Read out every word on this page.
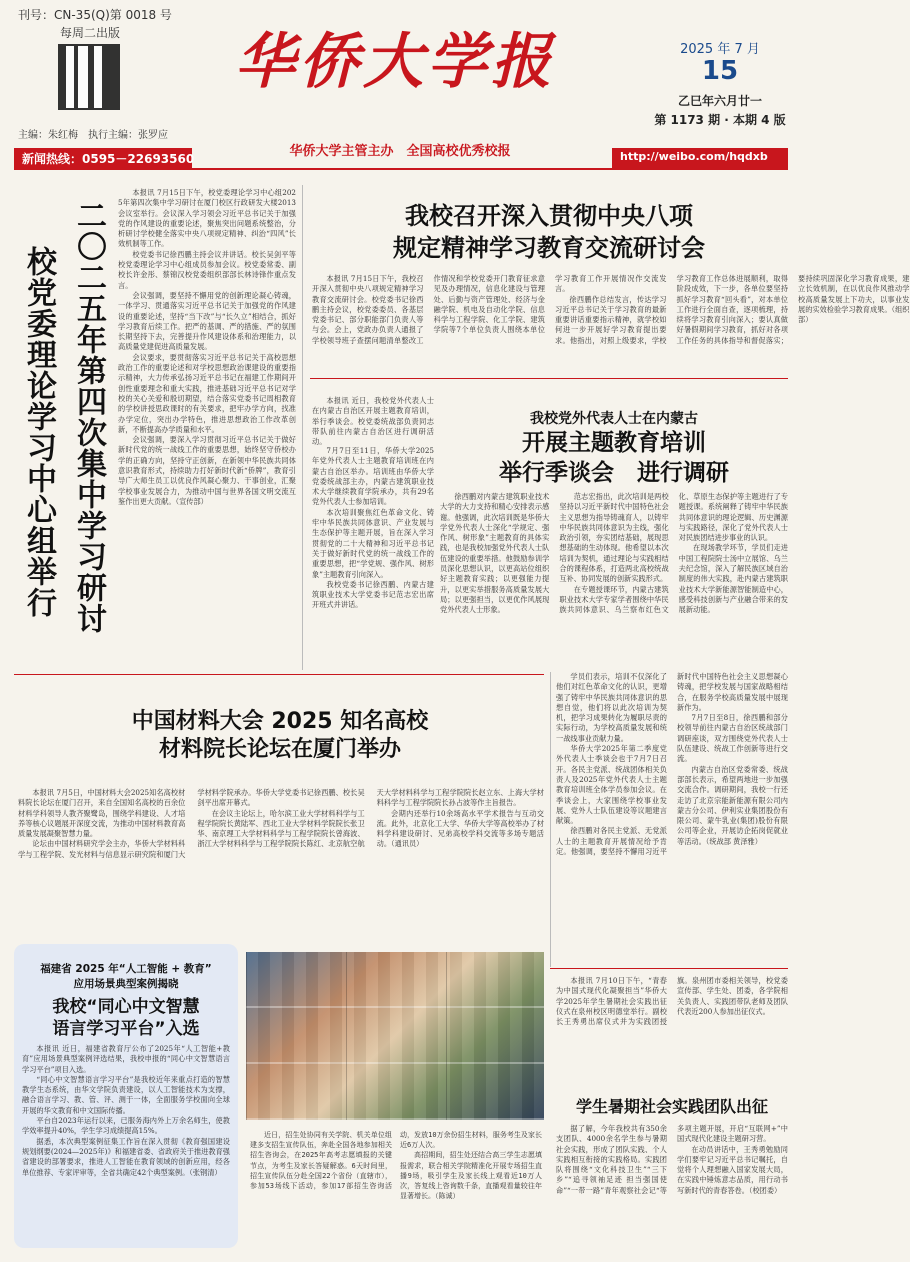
刊号：CN-35(Q)第 0018 号
每周二出版
主编：朱红梅　执行主编：张罗应
华侨大学报
华侨大学主管主办　全国高校优秀校报
2025 年 7 月
15
乙巳年六月廿一
第 1173 期 · 本期 4 版
新闻热线：0595－22693560	http://weibo.com/hqdxb
二〇二五年第四次集中学习研讨
校党委理论学习中心组举行

本报讯 7月15日下午，校党委理论学习中心组2025年第四次集中学习研讨在厦门校区行政研发大楼2013会议室举行。会议深入学习领会习近平总书记关于加强党的作风建设的重要论述，聚焦突出问题系统整治，分析研讨学校健全落实中央八项规定精神、纠治“四风”长效机制等工作。

校党委书记徐西鹏主持会议并讲话。校长吴剑平等校党委理论学习中心组成员参加会议。校党委常委、副校长许金彤、蔡锦汉校党委组织部部长林诗锋作重点发言。

会议强调，要坚持不懈用党的创新理论凝心铸魂，一体学习、贯通落实习近平总书记关于加强党的作风建设的重要论述，坚持“当下改”与“长久立”相结合，抓好学习教育后续工作。把严的基调、严的措施、严的氛围长期坚持下去，完善提升作风建设体系和治理能力，以高质量党建促进高质量发展。

会议要求，要贯彻落实习近平总书记关于高校思想政治工作的重要论述和对学校思想政治课建设的重要指示精神，大力传承弘扬习近平总书记在福建工作期间开创性重要理念和重大实践，推进基础习近平总书记对学校的关心关爱和殷切期望，结合落实党委书记周相教育的学校讲授思政课时的有关要求，把牢办学方向，找准办学定位，突出办学特色，推进思想政治工作改革创新，不断提高办学质量和水平。

会议强调，要深入学习贯彻习近平总书记关于做好新时代党的统一战线工作的重要思想，始终坚守侨校办学的正确方向，坚持守正创新，在新领中华民族共同体意识教育形式，持续助力打好新时代新“侨牌”，教育引导广大师生员工以优良作风凝心聚力、干事创业，汇聚学校事业发展合力，为推动中国与世界各国文明交流互鉴作出更大贡献。（宣传部）

我校召开深入贯彻中央八项
规定精神学习教育交流研讨会

本报讯 7月15日下午，我校召开深入贯彻中央八项规定精神学习教育交流研讨会。校党委书记徐西鹏主持会议，校党委委员、各基层党委书记、部分职能部门负责人等与会。会上，党政办负责人通报了学校领导班子查摆问题清单整改工作情况和学校党委开门教育征求意见及办理情况，信息化建设与管理处、后勤与资产管理处、经济与金融学院、机电及自动化学院、信息科学与工程学院、化工学院、建筑学院等7个单位负责人围绕本单位学习教育工作开展情况作交流发言。

徐西鹏作总结发言，传达学习习近平总书记关于学习教育的最新重要讲话重要指示精神，就学校如何进一步开展好学习教育提出要求。他指出，对照上级要求，学校学习教育工作总体进展顺利，取得阶段成效，下一步，各单位要坚持抓好学习教育“回头看”，对本单位工作进行全面自查，逐项梳理，持续将学习教育引向深入；要认真做好暑假期间学习教育，抓好对各项工作任务的具体指导和督促落实；要持续巩固深化学习教育成果，建立长效机制，在以优良作风推动学校高质量发展上下功夫，以事业发展的实效检验学习教育成果。（组织部）

本报讯 近日，我校党外代表人士在内蒙古自治区开展主题教育培训，举行季谈会。校党委统战部负责同志带队前往内蒙古自治区进行调研活动。

我校党外代表人士在内蒙古
开展主题教育培训
举行季谈会　进行调研

7月7日至11日，华侨大学2025年党外代表人士主题教育培训班在内蒙古自治区举办。培训班由华侨大学党委统战部主办，内蒙古建筑职业技术大学继续教育学院承办，共有29名党外代表人士参加培训。

本次培训聚焦红色革命文化、铸牢中华民族共同体意识、产业发展与生态保护等主题开展，旨在深入学习贯彻党的二十大精神和习近平总书记关于做好新时代党的统一战线工作的重要思想，把“学党规、强作风、树形象”主题教育引向深入。

我校党委书记徐西鹏、内蒙古建筑职业技术大学党委书记范志宏出席开班式并讲话。

徐西鹏对内蒙古建筑职业技术大学的大力支持和精心安排表示感谢。他强调，此次培训既是华侨大学党外代表人士深化“学规定、强作风、树形象”主题教育的具体实践，也是我校加强党外代表人士队伍建设的重要举措。他鼓励参训学员深化思想认识，以更高站位组织好主题教育实践；以更强能力提升，以更实举措服务高质量发展大局；以更强担当，以更优作风展现党外代表人士形象。

范志宏指出，此次培训是两校坚持以习近平新时代中国特色社会主义思想为指导铸魂育人，以铸牢中华民族共同体意识为主线，强化政治引领，夯实团结基础，展现思想基础的生动体现。他希望以本次培训为契机，通过理论与实践相结合的课程体系，打造两北高校统战互补、协同发展的创新实践形式。

在专题授课环节，内蒙古建筑职业技术大学专家学者围绕中华民族共同体意识、乌兰察布红色文化、草原生态保护等主题进行了专题授课。系统阐释了铸牢中华民族共同体意识的理论逻辑、历史渊源与实践路径，深化了党外代表人士对民族团结进步事业的认识。

在现场教学环节，学员们走进中国工程院院士汤中立展馆、乌兰夫纪念馆，深入了解民族区域自治制度的伟大实践，赴内蒙古建筑职业技术大学新能源智能制造中心，感受科技创新与产业融合带来的发展新动能。

学员们表示，培训不仅深化了他们对红色革命文化的认识，更增强了铸牢中华民族共同体意识的思想自觉，他们将以此次培训为契机，把学习成果转化为履职尽责的实际行动，为学校高质量发展和统一战线事业贡献力量。

华侨大学2025年第二季度党外代表人士季谈会也于7月7日召开。各民主党派、统战团体相关负责人及2025年党外代表人士主题教育培训班全体学员参加会议。在季谈会上，大家围绕学校事业发展、党外人士队伍建设等议题建言献策。

徐西鹏对各民主党派、无党派人士的主题教育开展情况给予肯定。他强调，要坚持不懈用习近平新时代中国特色社会主义思想凝心铸魂，把学校发展与国家战略相结合，在服务学校高质量发展中展现新作为。

7月7日至8日，徐西鹏和部分校领导前往内蒙古自治区统战部门调研座谈，双方围绕党外代表人士队伍建设、统战工作创新等进行交流。

内蒙古自治区党委常委、统战部部长表示，希望两地进一步加强交流合作。调研期间，我校一行还走访了北京宗能新能源有限公司内蒙古分公司、伊利实业集团股份有限公司、蒙牛乳业(集团)股份有限公司等企业，开展访企拓岗促就业等活动。（统战部 黄泽雅）

中国材料大会 2025 知名高校
材料院长论坛在厦门举办

本报讯 7月5日，中国材料大会2025知名高校材料院长论坛在厦门召开，来自全国知名高校的百余位材料学科领导人教齐聚鹭岛，围绕学科建设、人才培养等核心议题展开深度交流，为推动中国材料教育高质量发展凝聚智慧力量。

论坛由中国材料研究学会主办，华侨大学材料科学与工程学院、发光材料与信息显示研究院和厦门大学材料学院承办。华侨大学党委书记徐西鹏、校长吴剑平出席开幕式。

在会议主论坛上，哈尔滨工业大学材料科学与工程学院院长黄陆军、西北工业大学材料学院院长张卫华、南京理工大学材料科学与工程学院院长曾海波、浙江大学材料科学与工程学院院长陈红、北京航空航天大学材料科学与工程学院院长赵立东、上海大学材料科学与工程学院院长孙占波等作主旨报告。

会期内还举行10余场高水平学术报告与互动交流。此外，北京化工大学、华侨大学等高校举办了材料学科建设研讨、兄弟高校学科交流等多场专题活动。（通讯员）

福建省 2025 年“人工智能 + 教育”
应用场景典型案例揭晓
我校“同心中文智慧
语言学习平台”入选

本报讯 近日，福建省教育厅公布了2025年“人工智能+教育”应用场景典型案例评选结果，我校申报的“同心中文智慧语言学习平台”项目入选。

“同心中文智慧语言学习平台”是我校近年来重点打造的智慧教学生态系统，由华文学院负责建设，以人工智能技术为支撑，融合语言学习、教、管、评、测于一体，全面服务学校面向全球开展的华文教育和中文国际传播。

平台自2023年运行以来，已服务海内外上万余名师生，使教学效率提升40%，学生学习成绩提高15%。

据悉，本次典型案例征集工作旨在深入贯彻《教育强国建设规划纲要(2024—2025年)》和福建省委、省政府关于推进教育强省建设的部署要求，推进人工智能在教育领域的创新应用，经各单位推荐、专家评审等，全省共确定42个典型案例。（张钢清）

近日，招生处协同有关学院、机关单位组建多支招生宣传队伍，奔赴全国各地参加相关招生咨询会，在2025年高考志愿填报的关键节点，为考生及家长答疑解惑。6天时间里，招生宣传队伍分赴全国22个省份（直辖市），参加53场线下活动，参加17部招生咨询活动，发放10万余份招生材料，服务考生及家长近6万人次。

高招期间，招生处还结合高三学生志愿填报需求，联合相关学院精准化开展专场招生直播9场，吸引学生及家长线上观看近10万人次，答复线上咨询数千条，直播观看量较往年显著增长。（陈诚）

本报讯 7月10日下午，“青春为中国式现代化凝聚担当”华侨大学2025年学生暑期社会实践出征仪式在泉州校区明德堂举行。副校长王秀勇出席仪式并为实践团授旗。泉州团市委相关领导，校党委宣传部、学生处、团委，各学院相关负责人、实践团带队老师及团队代表近200人参加出征仪式。

学生暑期社会实践团队出征

据了解，今年我校共有350余支团队、4000余名学生参与暑期社会实践，形成了团队实践、个人实践相互衔接的实践格局。实践团队将围绕“文化科技卫生”“三下乡”“追寻领袖足迹 担当强国使命”“一带一路”青年观察社会记“等多项主题开展，开启“互联网+”中国式现代化建设主题研习营。

在动员讲话中，王秀勇勉励同学们要牢记习近平总书记嘱托，自觉将个人理想融入国家发展大局，在实践中锤炼意志品质，用行动书写新时代的青春答卷。（校团委）
